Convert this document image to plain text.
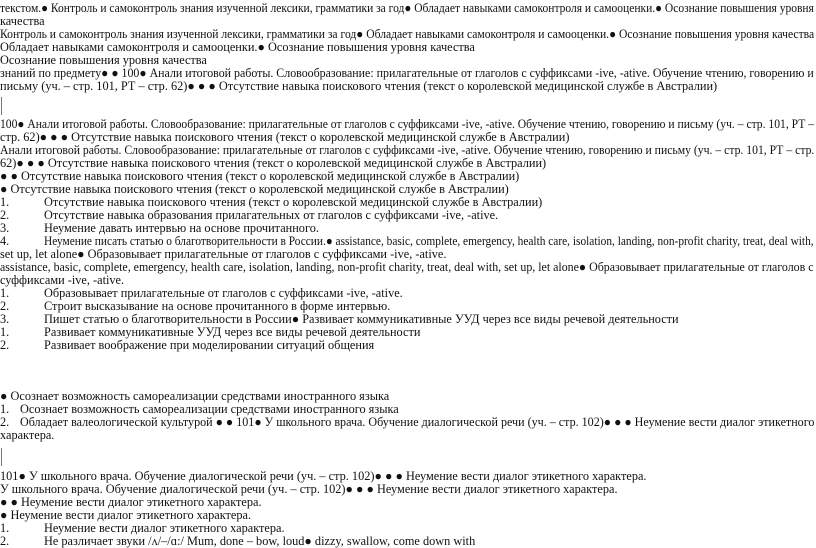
текстом.● Контроль и самоконтроль знания изученной лексики, грамматики за год● Обладает навыками самоконтроля и самооценки.● Осознание повышения уровня
качества
Контроль и самоконтроль знания изученной лексики, грамматики за год● Обладает навыками самоконтроля и самооценки.● Осознание повышения уровня качества
Обладает навыками самоконтроля и самооценки.● Осознание повышения уровня качества
Осознание повышения уровня качества
знаний по предмету● ● 100● Анали итоговой работы. Словообразование: прилагательные от глаголов с суффиксами -ive, -ative. Обучение чтению, говорению и
письму (уч. – стр. 101, РТ – стр. 62)● ● ● Отсутствие навыка поискового чтения (текст о королевской медицинской службе в Австралии)
100● Анали итоговой работы. Словообразование: прилагательные от глаголов с суффиксами -ive, -ative. Обучение чтению, говорению и письму (уч. – стр. 101, РТ –
стр. 62)● ● ● Отсутствие навыка поискового чтения (текст о королевской медицинской службе в Австралии)
Анали итоговой работы. Словообразование: прилагательные от глаголов с суффиксами -ive, -ative. Обучение чтению, говорению и письму (уч. – стр. 101, РТ – стр.
62)● ● ● Отсутствие навыка поискового чтения (текст о королевской медицинской службе в Австралии)
● ● Отсутствие навыка поискового чтения (текст о королевской медицинской службе в Австралии)
● Отсутствие навыка поискового чтения (текст о королевской медицинской службе в Австралии)
1.	Отсутствие навыка поискового чтения (текст о королевской медицинской службе в Австралии)
2.	Отсутствие навыка образования прилагательных от глаголов с суффиксами -ive, -ative.
3.	Неумение давать интервью на основе прочитанного.
4.	Неумение писать статью о благотворительности в России.● assistance, basic, complete, emergency, health care, isolation, landing, non-profit charity, treat, deal with,
set up, let alone● Образовывает прилагательные от глаголов с суффиксами -ive, -ative.
assistance, basic, complete, emergency, health care, isolation, landing, non-profit charity, treat, deal with, set up, let alone● Образовывает прилагательные от глаголов с
суффиксами -ive, -ative.
1.	Образовывает прилагательные от глаголов с суффиксами -ive, -ative.
2.	Строит высказывание на основе прочитанного в форме интервью.
3.	Пишет статью о благотворительности в России● Развивает коммуникативные УУД через все виды речевой деятельности
1.	Развивает коммуникативные УУД через все виды речевой деятельности
2.	Развивает воображение при моделировании ситуаций общения
● Осознает возможность самореализации средствами иностранного языка
1. Осознает возможность самореализации средствами иностранного языка
2. Обладает валеологической культурой ● ● 101● У школьного врача. Обучение диалогической речи (уч. – стр. 102)● ● ● Неумение вести диалог этикетного
характера.
101● У школьного врача. Обучение диалогической речи (уч. – стр. 102)● ● ● Неумение вести диалог этикетного характера.
У школьного врача. Обучение диалогической речи (уч. – стр. 102)● ● ● Неумение вести диалог этикетного характера.
● ● Неумение вести диалог этикетного характера.
● Неумение вести диалог этикетного характера.
1.	Неумение вести диалог этикетного характера.
2.	Не различает звуки /ʌ/–/ɑ:/ Mum, done – bow, loud● dizzy, swallow, come down with
